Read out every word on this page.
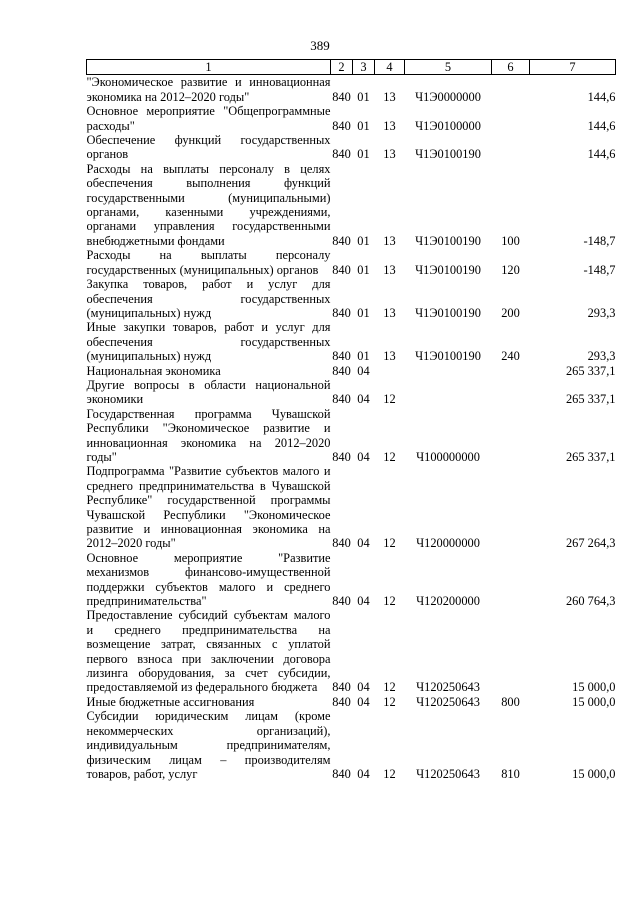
389
1	2	3	4	5	6	7
"Экономическое развитие и инновационная экономика на 2012–2020 годы"	840	01	13	Ч1Э0000000		144,6
Основное мероприятие "Общепрограммные расходы"	840	01	13	Ч1Э0100000		144,6
Обеспечение функций государственных органов	840	01	13	Ч1Э0100190		144,6
Расходы на выплаты персоналу в целях обеспечения выполнения функций государственными (муниципальными) органами, казенными учреждениями, органами управления государственными внебюджетными фондами	840	01	13	Ч1Э0100190	100	-148,7
Расходы на выплаты персоналу государственных (муниципальных) органов	840	01	13	Ч1Э0100190	120	-148,7
Закупка товаров, работ и услуг для обеспечения государственных (муниципальных) нужд	840	01	13	Ч1Э0100190	200	293,3
Иные закупки товаров, работ и услуг для обеспечения государственных (муниципальных) нужд	840	01	13	Ч1Э0100190	240	293,3
Национальная экономика	840	04				265 337,1
Другие вопросы в области национальной экономики	840	04	12			265 337,1
Государственная программа Чувашской Республики "Экономическое развитие и инновационная экономика на 2012–2020 годы"	840	04	12	Ч100000000		265 337,1
Подпрограмма "Развитие субъектов малого и среднего предпринимательства в Чувашской Республике" государственной программы Чувашской Республики "Экономическое развитие и инновационная экономика на 2012–2020 годы"	840	04	12	Ч120000000		267 264,3
Основное мероприятие "Развитие механизмов финансово-имущественной поддержки субъектов малого и среднего предпринимательства"	840	04	12	Ч120200000		260 764,3
Предоставление субсидий субъектам малого и среднего предпринимательства на возмещение затрат, связанных с уплатой первого взноса при заключении договора лизинга оборудования, за счет субсидии, предоставляемой из федерального бюджета	840	04	12	Ч120250643		15 000,0
Иные бюджетные ассигнования	840	04	12	Ч120250643	800	15 000,0
Субсидии юридическим лицам (кроме некоммерческих организаций), индивидуальным предпринимателям, физическим лицам – производителям товаров, работ, услуг	840	04	12	Ч120250643	810	15 000,0
